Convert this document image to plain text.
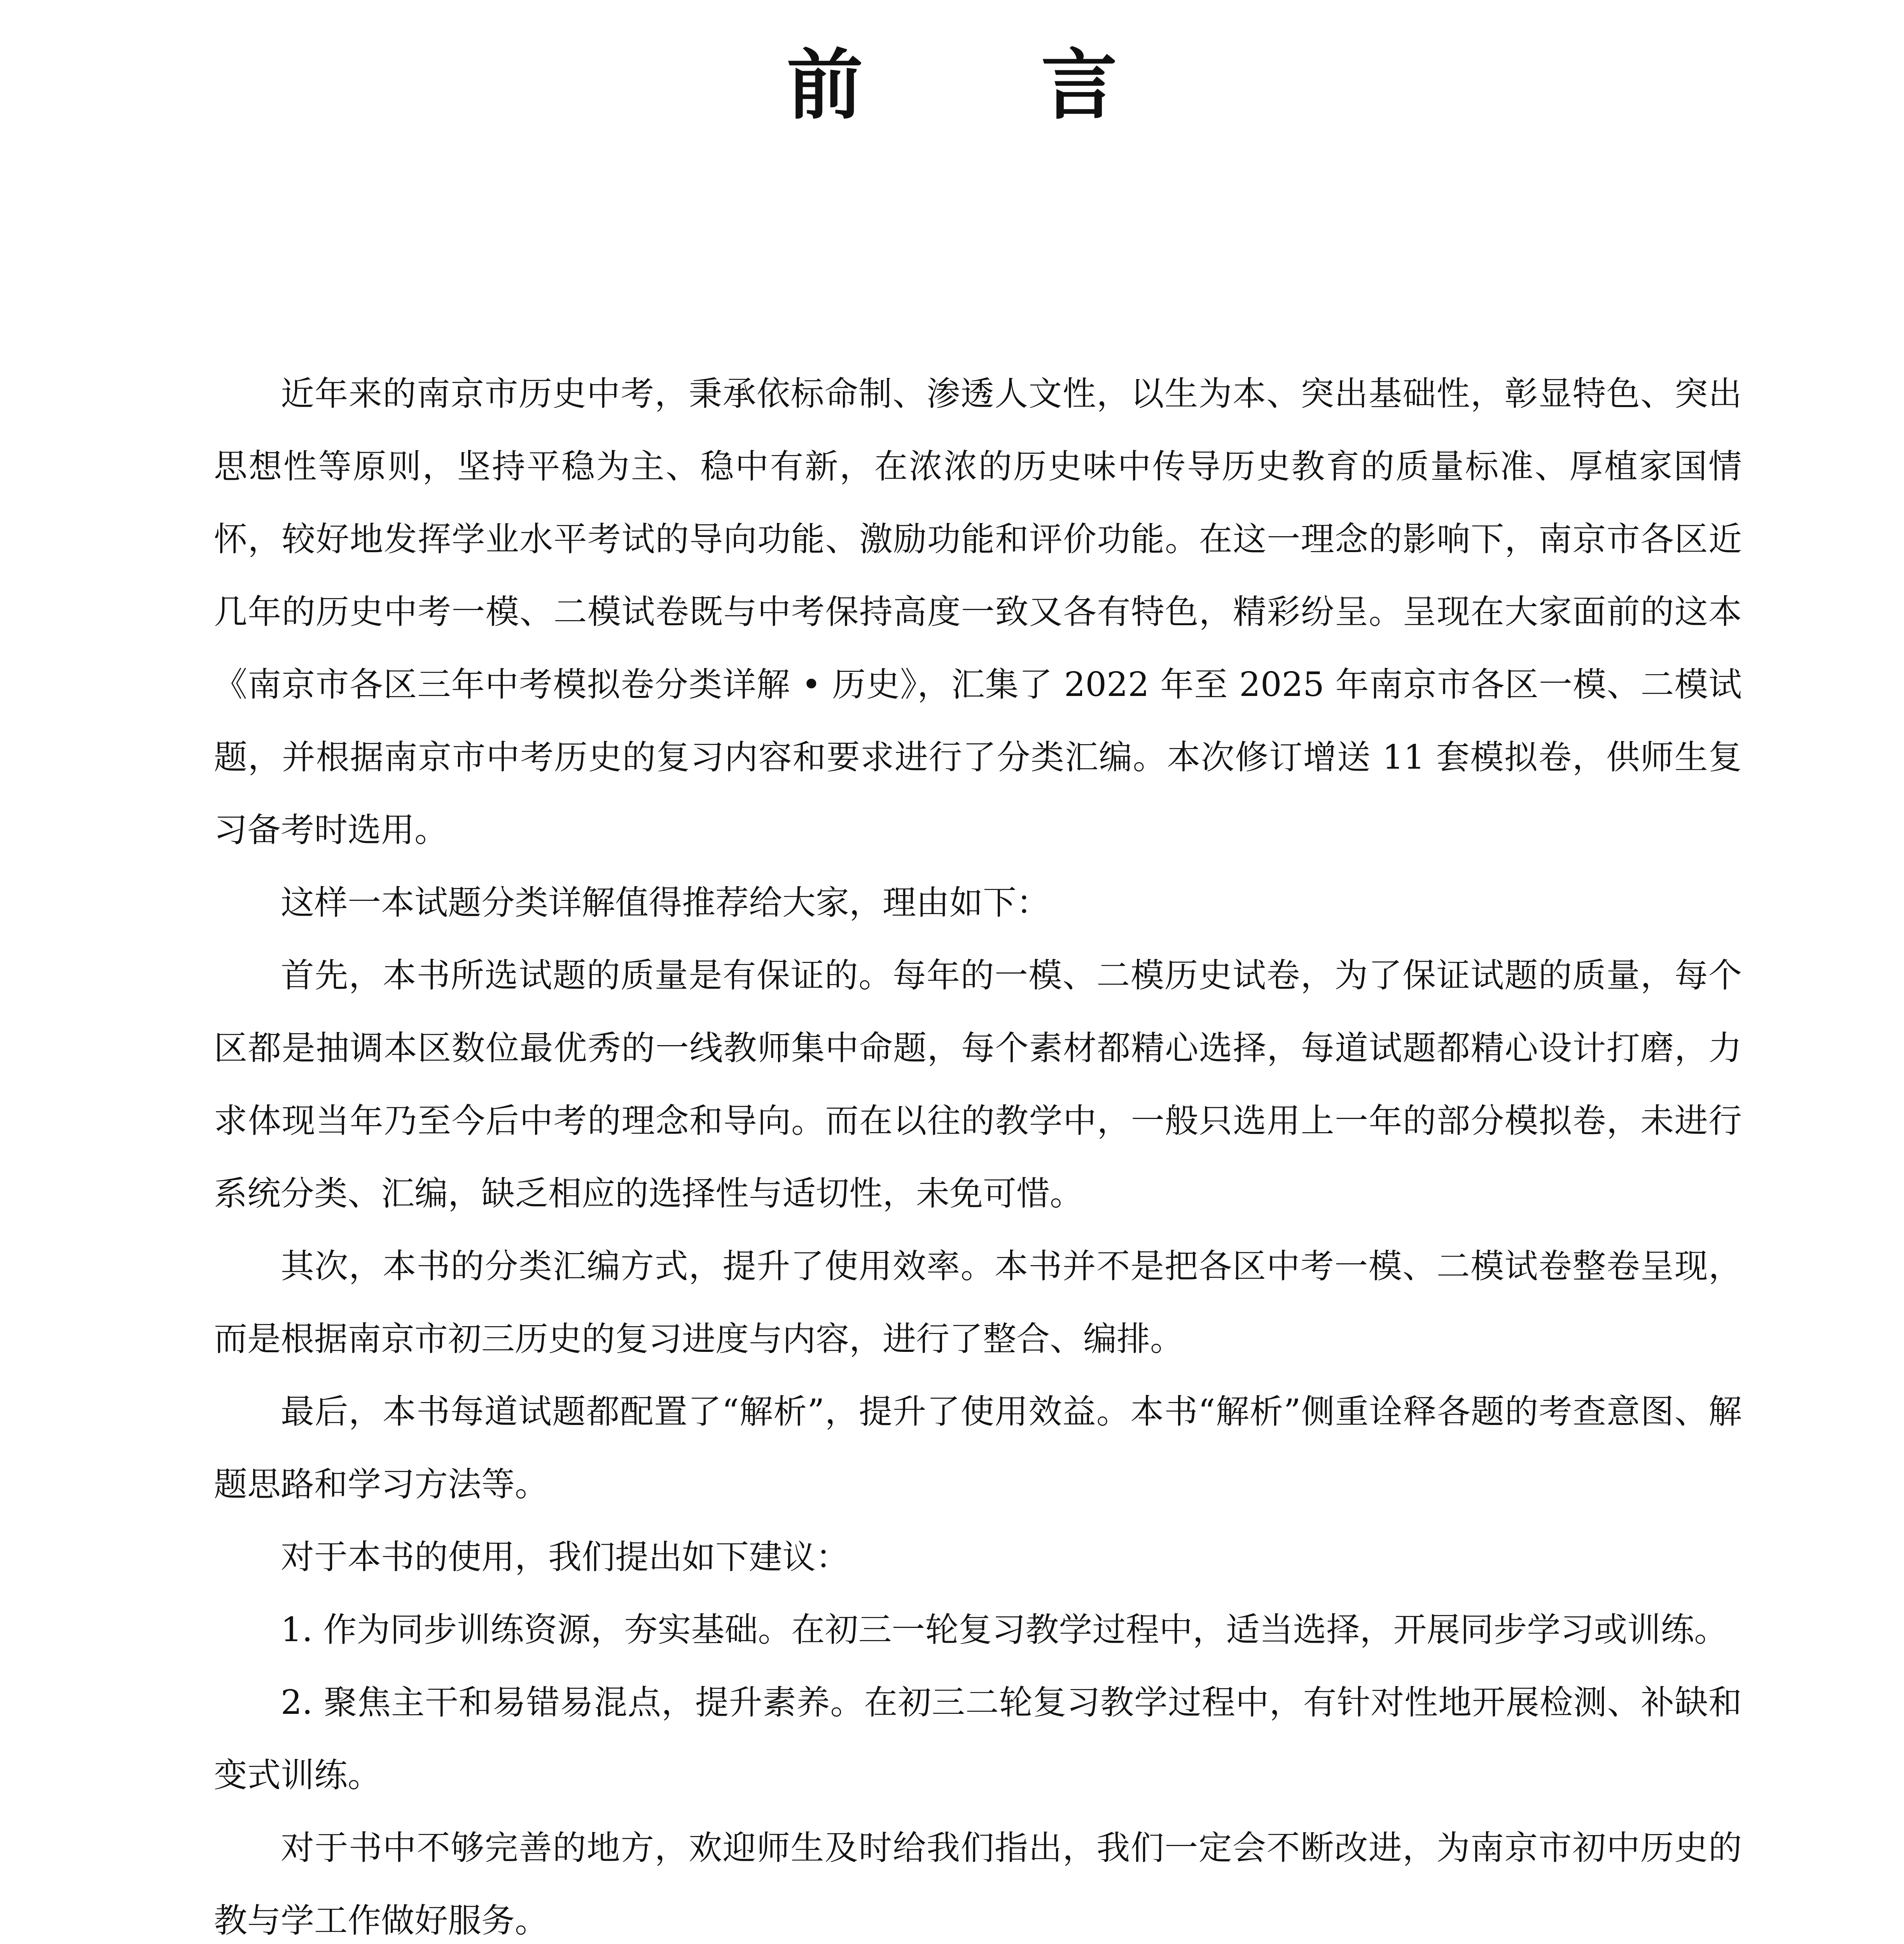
前 言

近年来的南京市历史中考，秉承依标命制、渗透人文性，以生为本、突出基础性，彰显特色、突出思想性等原则，坚持平稳为主、稳中有新，在浓浓的历史味中传导历史教育的质量标准、厚植家国情怀，较好地发挥学业水平考试的导向功能、激励功能和评价功能。在这一理念的影响下，南京市各区近几年的历史中考一模、二模试卷既与中考保持高度一致又各有特色，精彩纷呈。呈现在大家面前的这本《南京市各区三年中考模拟卷分类详解 • 历史》，汇集了 2022 年至 2025 年南京市各区一模、二模试题，并根据南京市中考历史的复习内容和要求进行了分类汇编。本次修订增送 11 套模拟卷，供师生复习备考时选用。

这样一本试题分类详解值得推荐给大家，理由如下：

首先，本书所选试题的质量是有保证的。每年的一模、二模历史试卷，为了保证试题的质量，每个区都是抽调本区数位最优秀的一线教师集中命题，每个素材都精心选择，每道试题都精心设计打磨，力求体现当年乃至今后中考的理念和导向。而在以往的教学中，一般只选用上一年的部分模拟卷，未进行系统分类、汇编，缺乏相应的选择性与适切性，未免可惜。

其次，本书的分类汇编方式，提升了使用效率。本书并不是把各区中考一模、二模试卷整卷呈现，而是根据南京市初三历史的复习进度与内容，进行了整合、编排。

最后，本书每道试题都配置了“解析”，提升了使用效益。本书“解析”侧重诠释各题的考查意图、解题思路和学习方法等。

对于本书的使用，我们提出如下建议：

1. 作为同步训练资源，夯实基础。在初三一轮复习教学过程中，适当选择，开展同步学习或训练。

2. 聚焦主干和易错易混点，提升素养。在初三二轮复习教学过程中，有针对性地开展检测、补缺和变式训练。

对于书中不够完善的地方，欢迎师生及时给我们指出，我们一定会不断改进，为南京市初中历史的教与学工作做好服务。
